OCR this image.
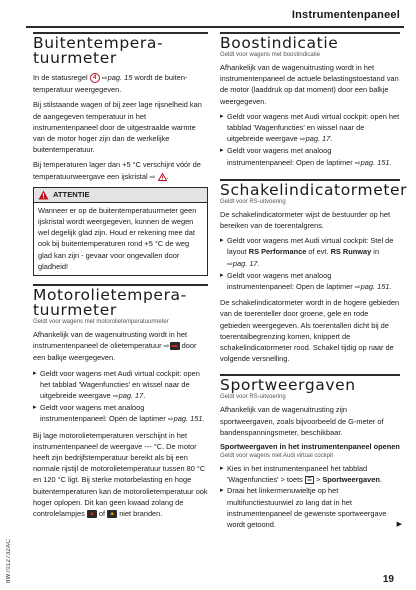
Instrumentenpaneel
Buitentempera-
tuurmeter

In de statusregel 4 ⇨pag. 15 wordt de buiten-temperatuur weergegeven.

Bij stilstaande wagen of bij zeer lage rijsnelheid kan de aangegeven temperatuur in het instrumentenpaneel door de uitgestraalde warmte van de motor hoger zijn dan de werkelijke buitentemperatuur.

Bij temperaturen lager dan +5 °C verschijnt vóór de temperatuurweergave een ijskristal ⇨ .

ATTENTIE
Wanneer er op de buitentemperatuurmeter geen ijskristal wordt weergegeven, kunnen de wegen wel degelijk glad zijn. Houd er rekening mee dat ook bij buitentemperaturen rond +5 °C de weg glad kan zijn - gevaar voor ongevallen door gladheid!
Motorolietempera-
tuurmeter
Geldt voor wagens met motorolietemperatuurmeter

Afhankelijk van de wagenuitrusting wordt in het instrumentenpaneel de olietemperatuur ⇨ ▬ door een balkje weergegeven.

▸ Geldt voor wagens met Audi virtual cockpit: open het tabblad 'Wagenfuncties' en wissel naar de uitgebreide weergave ⇨pag. 17.
▸ Geldt voor wagens met analoog instrumentenpaneel: Open de laptimer ⇨pag. 151.

Bij lage motorolietemperaturen verschijnt in het instrumentenpaneel de weergave --- °C. De motor heeft zijn bedrijfstemperatuur bereikt als bij een normale rijstijl de motorolietemperatuur tussen 80 °C en 120 °C ligt. Bij sterke motorbelasting en hoge buitentemperaturen kan de motorolietemperatuur ook hoger oplopen. Dit kan geen kwaad zolang de controlelampjes ▲ of ▲ niet branden.

Boostindicatie
Geldt voor wagens met boostindicatie

Afhankelijk van de wagenuitrusting wordt in het instrumentenpaneel de actuele belastingstoestand van de motor (laaddruk op dat moment) door een balkje weergegeven.

▸ Geldt voor wagens met Audi virtual cockpit: open het tabblad 'Wagenfuncties' en wissel naar de uitgebreide weergave ⇨pag. 17.
▸ Geldt voor wagens met analoog instrumentenpaneel: Open de laptimer ⇨pag. 151.
Schakelindicatormeter
Geldt voor RS-uitvoering

De schakelindicatormeter wijst de bestuurder op het bereiken van de toerentalgrens.

▸ Geldt voor wagens met Audi virtual cockpit: Stel de layout RS Performance of evt. RS Runway in ⇨pag. 17.
▸ Geldt voor wagens met analoog instrumentenpaneel: Open de laptimer ⇨pag. 151.

De schakelindicatormeter wordt in de hogere gebieden van de toerenteller door groene, gele en rode gebieden weergegeven. Als toerentallen dicht bij de toerentalbegrenzing komen, knippert de schakelindicatormeter rood. Schakel tijdig op naar de volgende versnelling.

Sportweergaven
Geldt voor RS-uitvoering

Afhankelijk van de wagenuitrusting zijn sportweergaven, zoals bijvoorbeeld de G-meter of bandenspanningsmeter, beschikbaar.

Sportweergaven in het instrumentenpaneel openen
Geldt voor wagens met Audi virtual cockpit
▸ Kies in het instrumentenpaneel het tabblad 'Wagenfuncties' > toets ☰ > Sportweergaven.
▸ Draai het linkermenuwieltje op het multifunctiestuurwiel zo lang dat in het instrumentenpaneel de gewenste sportweergave wordt getoond.	▶
8W7012732AC	19
